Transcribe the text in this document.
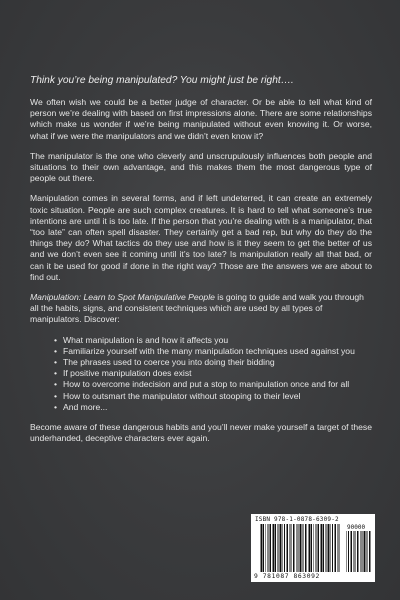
Think you’re being manipulated? You might just be right….

We often wish we could be a better judge of character. Or be able to tell what kind of person we’re dealing with based on first impressions alone. There are some relationships which make us wonder if we’re being manipulated without even knowing it. Or worse, what if we were the manipulators and we didn’t even know it?

The manipulator is the one who cleverly and unscrupulously influences both people and situations to their own advantage, and this makes them the most dangerous type of people out there.

Manipulation comes in several forms, and if left undeterred, it can create an extremely toxic situation. People are such complex creatures. It is hard to tell what someone’s true intentions are until it is too late. If the person that you’re dealing with is a manipulator, that “too late” can often spell disaster. They certainly get a bad rep, but why do they do the things they do? What tactics do they use and how is it they seem to get the better of us and we don’t even see it coming until it’s too late? Is manipulation really all that bad, or can it be used for good if done in the right way? Those are the answers we are about to find out.

Manipulation: Learn to Spot Manipulative People is going to guide and walk you through all the habits, signs, and consistent techniques which are used by all types of manipulators. Discover:

• What manipulation is and how it affects you
• Familiarize yourself with the many manipulation techniques used against you
• The phrases used to coerce you into doing their bidding
• If positive manipulation does exist
• How to overcome indecision and put a stop to manipulation once and for all
• How to outsmart the manipulator without stooping to their level
• And more...

Become aware of these dangerous habits and you’ll never make yourself a target of these underhanded, deceptive characters ever again.

ISBN 978-1-0878-6309-2
90000
9 781087 863092
